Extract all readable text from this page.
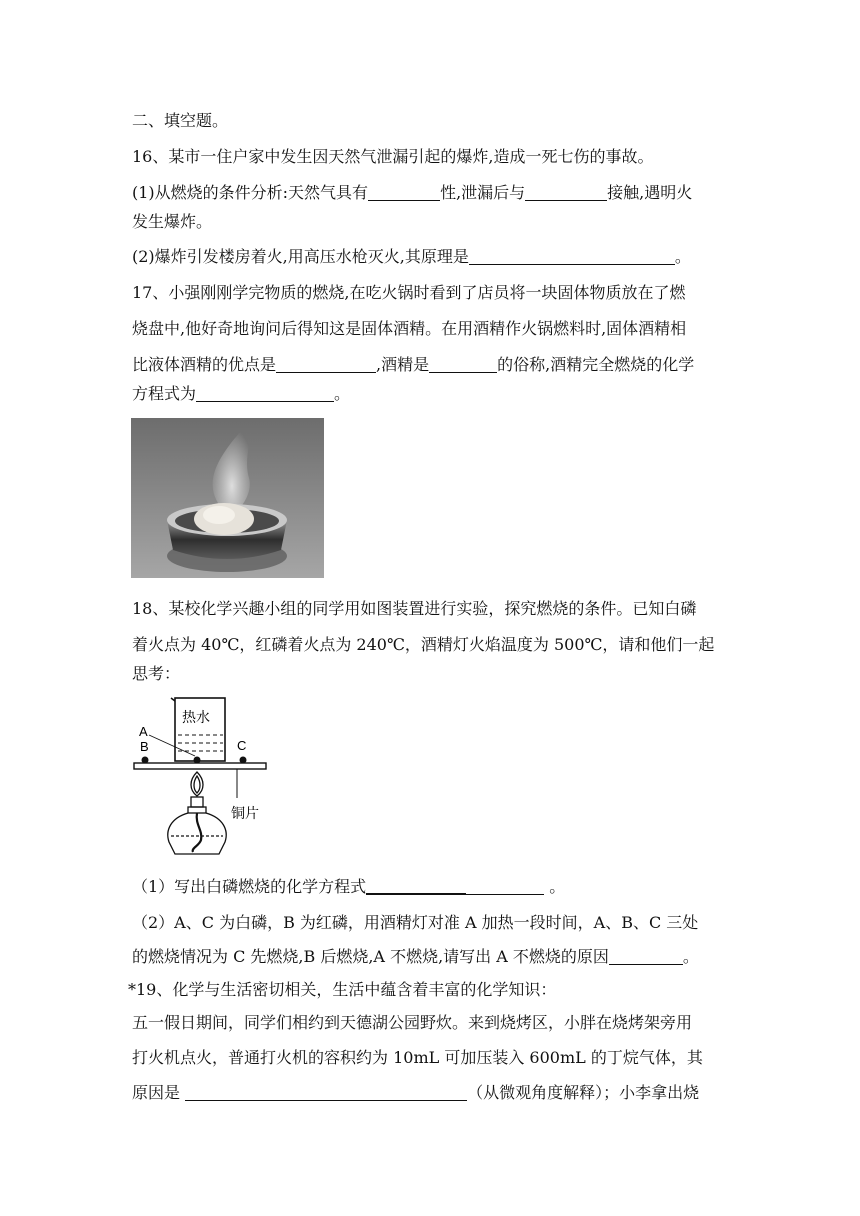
二、填空题。
16、某市一住户家中发生因天然气泄漏引起的爆炸,造成一死七伤的事故。
(1)从燃烧的条件分析:天然气具有	性,泄漏后与	接触,遇明火
发生爆炸。
(2)爆炸引发楼房着火,用高压水枪灭火,其原理是	。
17、小强刚刚学完物质的燃烧,在吃火锅时看到了店员将一块固体物质放在了燃
烧盘中,他好奇地询问后得知这是固体酒精。在用酒精作火锅燃料时,固体酒精相
比液体酒精的优点是	,酒精是	的俗称,酒精完全燃烧的化学
方程式为	。
18、某校化学兴趣小组的同学用如图装置进行实验，探究燃烧的条件。已知白磷
着火点为 40℃，红磷着火点为 240℃，酒精灯火焰温度为 500℃，请和他们一起
思考：
热水
A
B	C
铜片
（1）写出白磷燃烧的化学方程式	。
（2）A、C 为白磷，B 为红磷，用酒精灯对准 A 加热一段时间，A、B、C 三处
的燃烧情况为 C 先燃烧,B 后燃烧,A 不燃烧,请写出 A 不燃烧的原因	。
*19、化学与生活密切相关，生活中蕴含着丰富的化学知识：
五一假日期间，同学们相约到天德湖公园野炊。来到烧烤区，小胖在烧烤架旁用
打火机点火，普通打火机的容积约为 10mL 可加压装入 600mL 的丁烷气体，其
原因是	（从微观角度解释）；小李拿出烧
